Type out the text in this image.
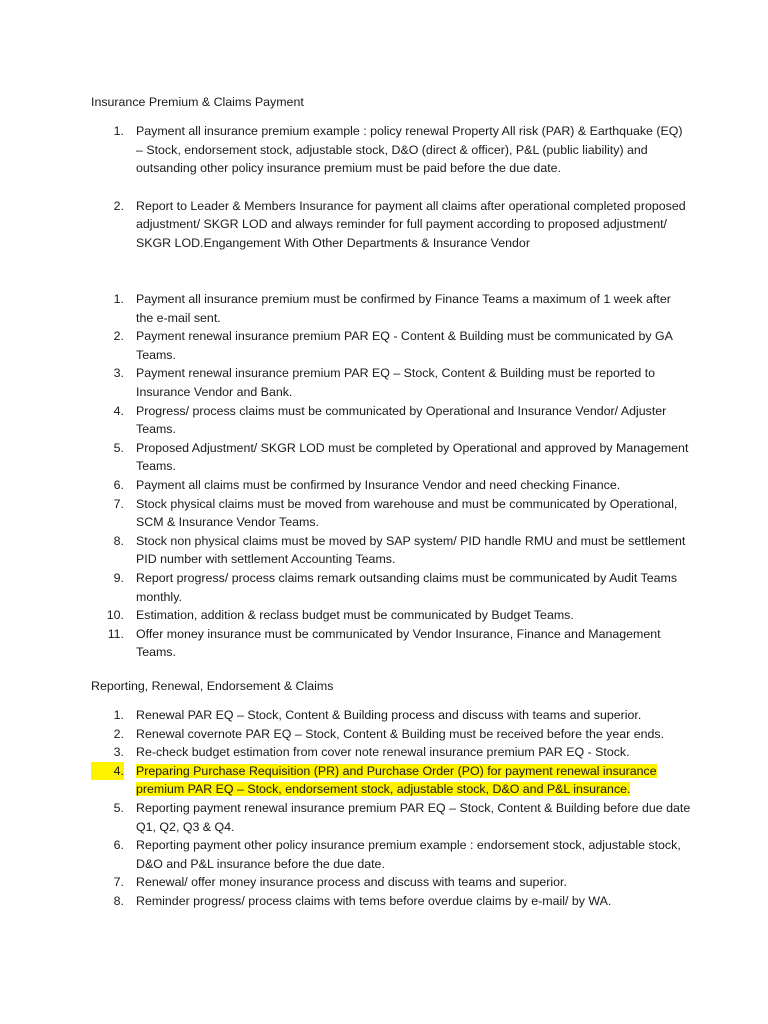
Insurance Premium & Claims Payment
1. Payment all insurance premium example : policy renewal Property All risk (PAR) & Earthquake (EQ) – Stock, endorsement stock, adjustable stock, D&O (direct & officer), P&L (public liability) and outsanding other policy insurance premium must be paid before the due date.
2. Report to Leader & Members Insurance for payment all claims after operational completed proposed adjustment/ SKGR LOD and always reminder for full payment according to proposed adjustment/ SKGR LOD.Engangement With Other Departments & Insurance Vendor
1. Payment all insurance premium must be confirmed by Finance Teams a maximum of 1 week after the e-mail sent.
2. Payment renewal insurance premium PAR EQ - Content & Building must be communicated by GA Teams.
3. Payment renewal insurance premium PAR EQ – Stock, Content & Building must be reported to Insurance Vendor and Bank.
4. Progress/ process claims must be communicated by Operational and Insurance Vendor/ Adjuster Teams.
5. Proposed Adjustment/ SKGR LOD must be completed by Operational and approved by Management Teams.
6. Payment all claims must be confirmed by Insurance Vendor and need checking Finance.
7. Stock physical claims must be moved from warehouse and must be communicated by Operational, SCM & Insurance Vendor Teams.
8. Stock non physical claims must be moved by SAP system/ PID handle RMU and must be settlement PID number with settlement Accounting Teams.
9. Report progress/ process claims remark outsanding claims must be communicated by Audit Teams monthly.
10. Estimation, addition & reclass budget must be communicated by Budget Teams.
11. Offer money insurance must be communicated by Vendor Insurance, Finance and Management Teams.
Reporting, Renewal, Endorsement & Claims
1. Renewal PAR EQ – Stock, Content & Building process and discuss with teams and superior.
2. Renewal covernote PAR EQ – Stock, Content & Building must be received before the year ends.
3. Re-check budget estimation from cover note renewal insurance premium PAR EQ - Stock.
4. Preparing Purchase Requisition (PR) and Purchase Order (PO) for payment renewal insurance premium PAR EQ – Stock, endorsement stock, adjustable stock, D&O and P&L insurance.
5. Reporting payment renewal insurance premium PAR EQ – Stock, Content & Building before due date Q1, Q2, Q3 & Q4.
6. Reporting payment other policy insurance premium example : endorsement stock, adjustable stock, D&O and P&L insurance before the due date.
7. Renewal/ offer money insurance process and discuss with teams and superior.
8. Reminder progress/ process claims with tems before overdue claims by e-mail/ by WA.
